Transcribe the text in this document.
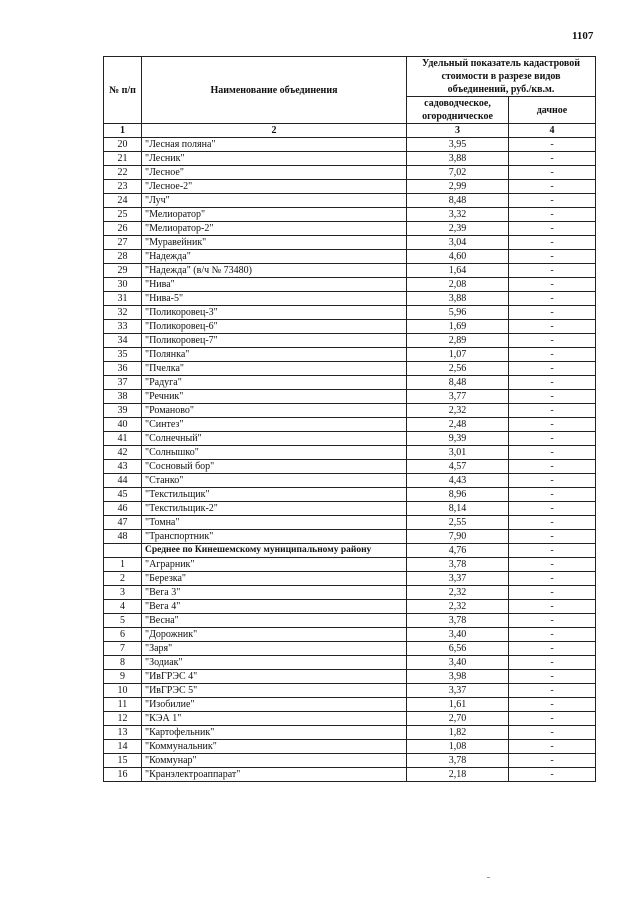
1107
№ п/п	Наименование объединения	Удельный показатель кадастровой стоимости в разрезе видов объединений, руб./кв.м.	
		садоводческое, огородническое	дачное
1	2	3	4
20	"Лесная поляна"	3,95	-
21	"Лесник"	3,88	-
22	"Лесное"	7,02	-
23	"Лесное-2"	2,99	-
24	"Луч"	8,48	-
25	"Мелиоратор"	3,32	-
26	"Мелиоратор-2"	2,39	-
27	"Муравейник"	3,04	-
28	"Надежда"	4,60	-
29	"Надежда" (в/ч № 73480)	1,64	-
30	"Нива"	2,08	-
31	"Нива-5"	3,88	-
32	"Поликоровец-3"	5,96	-
33	"Поликоровец-6"	1,69	-
34	"Поликоровец-7"	2,89	-
35	"Полянка"	1,07	-
36	"Пчелка"	2,56	-
37	"Радуга"	8,48	-
38	"Речник"	3,77	-
39	"Романово"	2,32	-
40	"Синтез"	2,48	-
41	"Солнечный"	9,39	-
42	"Солнышко"	3,01	-
43	"Сосновый бор"	4,57	-
44	"Станко"	4,43	-
45	"Текстильщик"	8,96	-
46	"Текстильщик-2"	8,14	-
47	"Томна"	2,55	-
48	"Транспортник"	7,90	-
	Среднее по Кинешемскому муниципальному району	4,76	-
1	"Аграрник"	3,78	-
2	"Березка"	3,37	-
3	"Вега 3"	2,32	-
4	"Вега 4"	2,32	-
5	"Весна"	3,78	-
6	"Дорожник"	3,40	-
7	"Заря"	6,56	-
8	"Зодиак"	3,40	-
9	"ИвГРЭС 4"	3,98	-
10	"ИвГРЭС 5"	3,37	-
11	"Изобилие"	1,61	-
12	"КЭА 1"	2,70	-
13	"Картофельник"	1,82	-
14	"Коммунальник"	1,08	-
15	"Коммунар"	3,78	-
16	"Кранэлектроаппарат"	2,18	-
